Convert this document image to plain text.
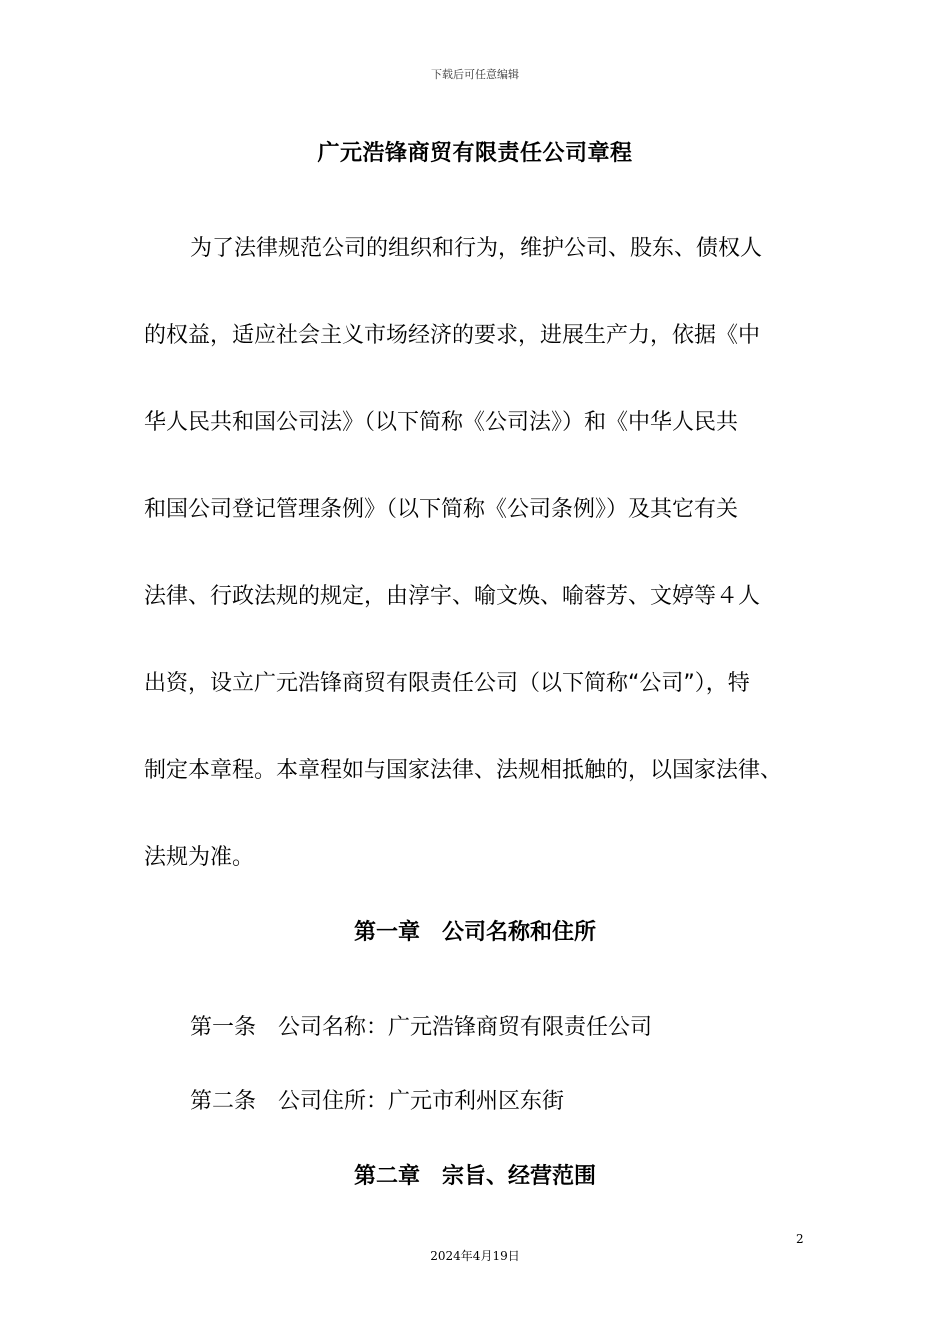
下载后可任意编辑
广元浩锋商贸有限责任公司章程
为了法律规范公司的组织和行为，维护公司、股东、债权人
的权益，适应社会主义市场经济的要求，进展生产力，依据《中
华人民共和国公司法》（以下简称《公司法》）和《中华人民共
和国公司登记管理条例》（以下简称《公司条例》）及其它有关
法律、行政法规的规定，由淳宇、喻文焕、喻蓉芳、文婷等４人
出资，设立广元浩锋商贸有限责任公司（以下简称“公司”），特
制定本章程。本章程如与国家法律、法规相抵触的，以国家法律、
法规为准。
第一章　公司名称和住所
第一条　公司名称：广元浩锋商贸有限责任公司
第二条　公司住所：广元市利州区东街
第二章　宗旨、经营范围
2
2024年4月19日
